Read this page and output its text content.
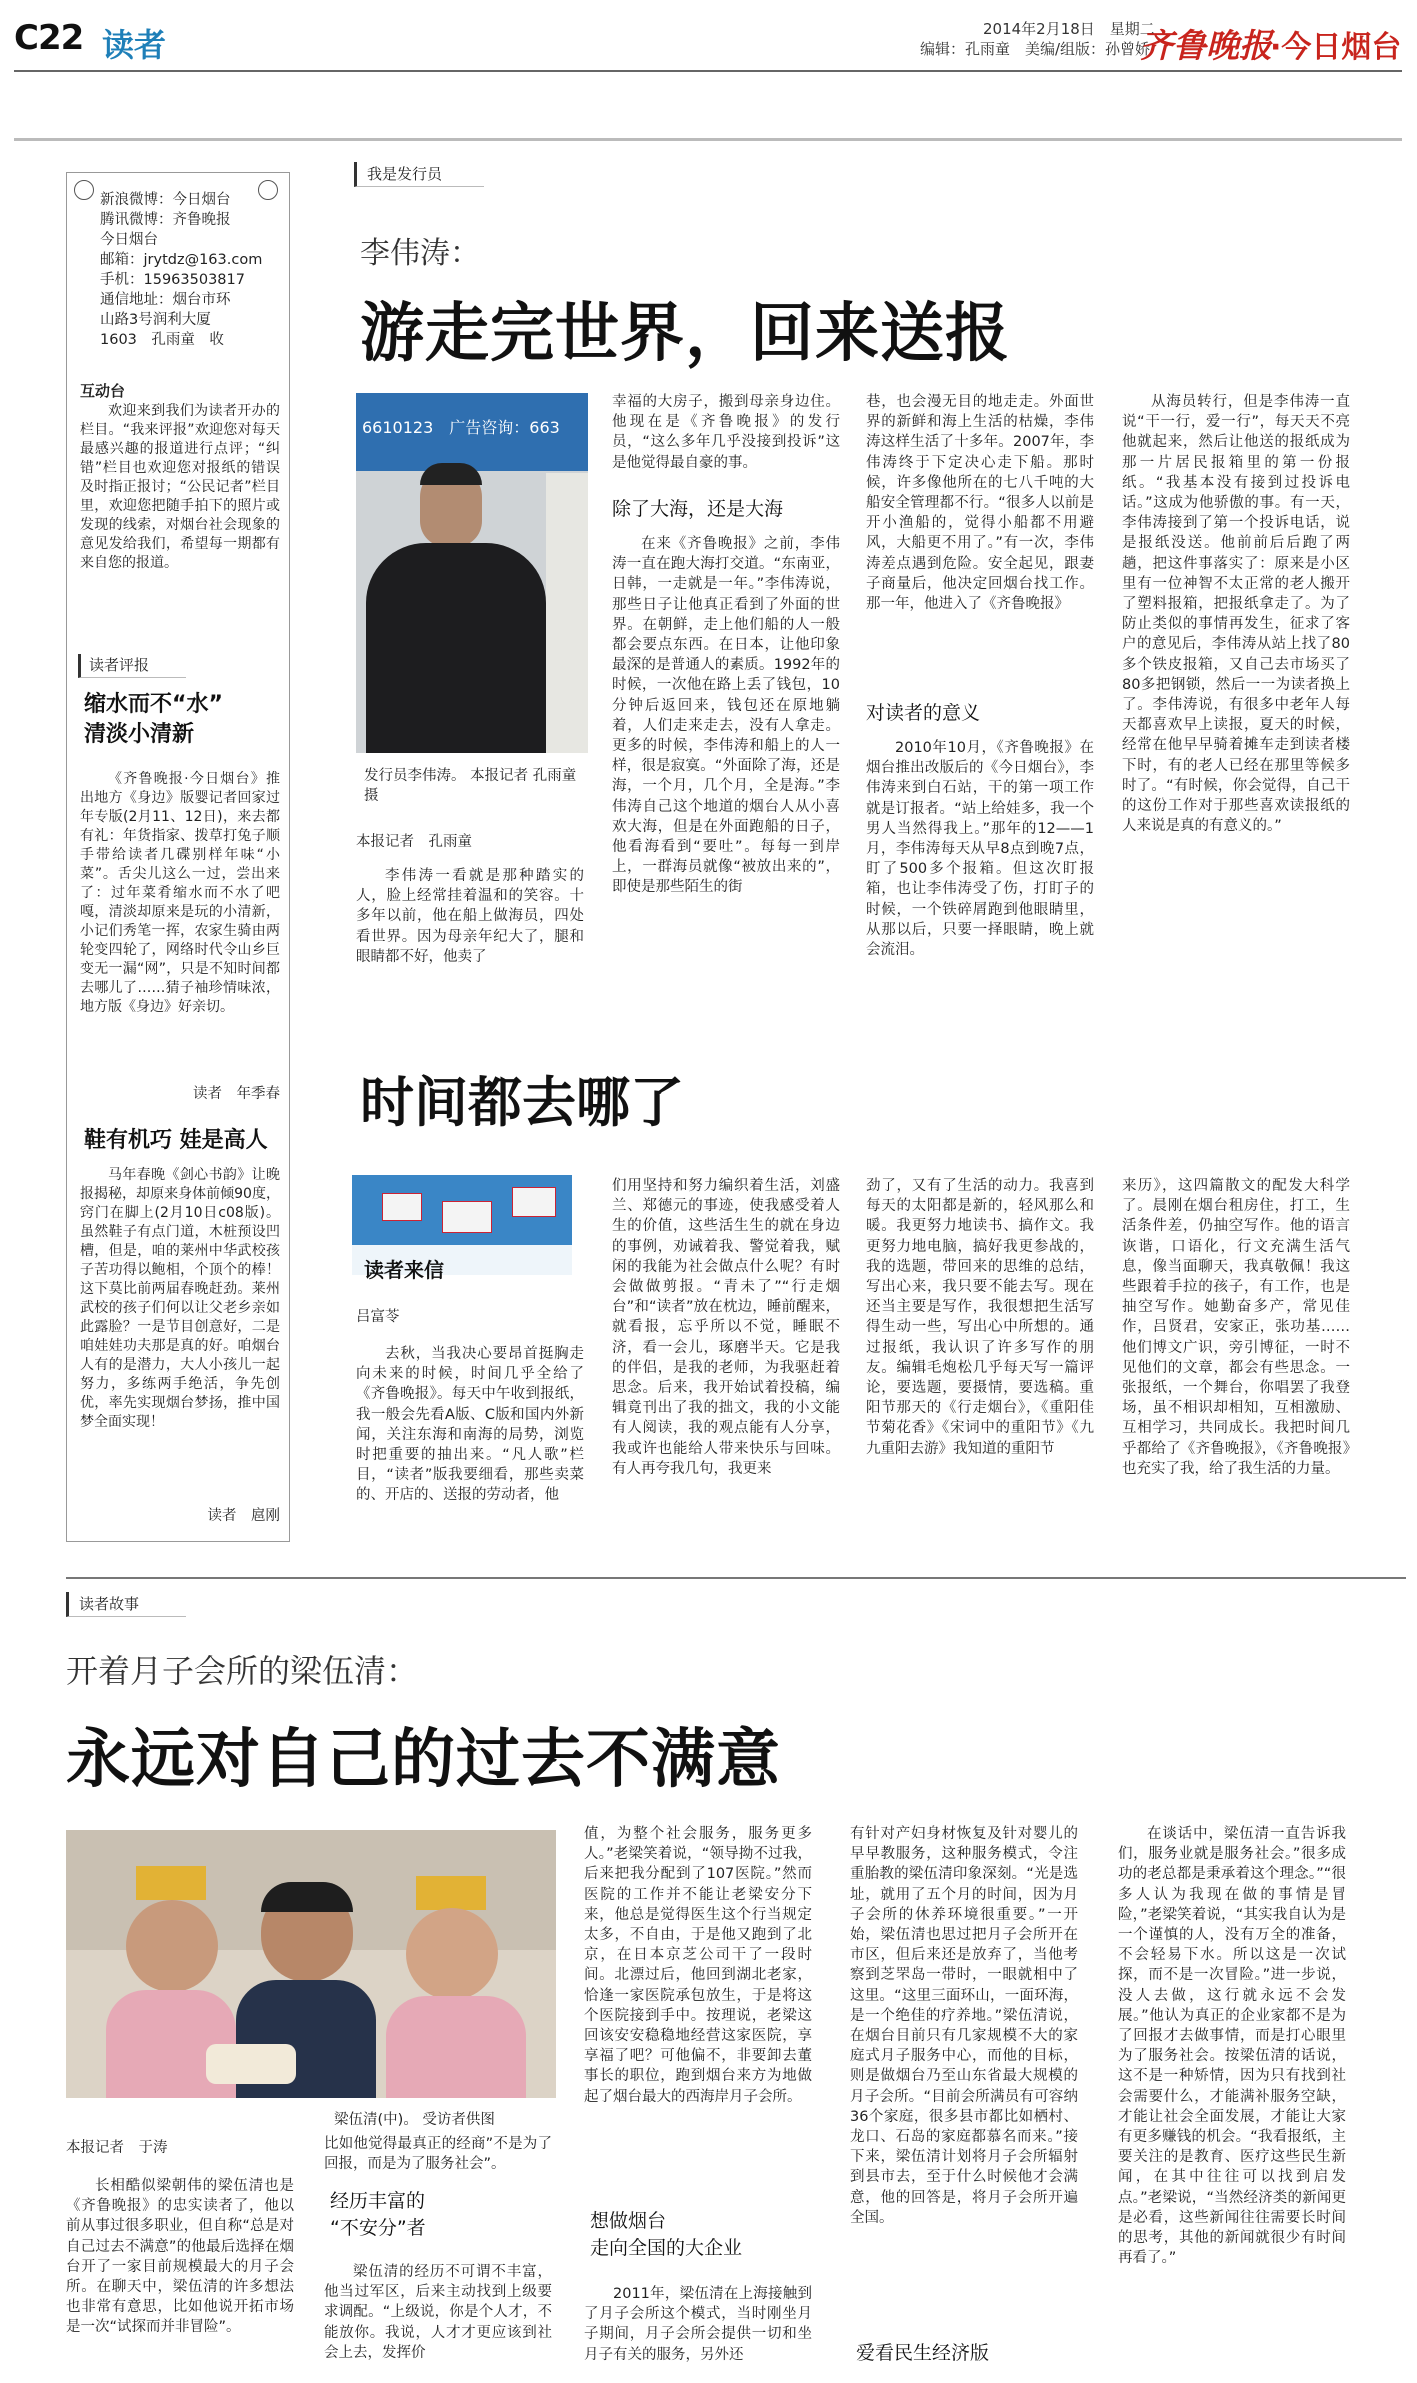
C22 读者	2014年2月18日　星期二
编辑：孔雨童　美编/组版：孙曾娇
齐鲁晚报
·今日烟台
新浪微博：今日烟台
腾讯微博：齐鲁晚报
今日烟台
邮箱：jrytdz@163.com
手机：15963503817
通信地址：烟台市环
山路3号润利大厦
1603　孔雨童　收
互动台
欢迎来到我们为读者开办的栏目。“我来评报”欢迎您对每天最感兴趣的报道进行点评；“纠错”栏目也欢迎您对报纸的错误及时指正报讨；“公民记者”栏目里，欢迎您把随手拍下的照片或发现的线索，对烟台社会现象的意见发给我们，希望每一期都有来自您的报道。
读者评报
缩水而不“水”
清淡小清新
《齐鲁晚报·今日烟台》推出地方《身边》版婴记者回家过年专版(2月11、12日)，来去都有礼：年货指家、拨草打兔子顺手带给读者几碟别样年味“小菜”。舌尖儿这么一过，尝出来了：过年菜肴缩水而不水了吧嘎，清淡却原来是玩的小清新，小记们秀笔一挥，农家生骑由两轮变四轮了，网络时代令山乡巨变无一漏“网”，只是不知时间都去哪儿了……猜子袖珍情味浓，地方版《身边》好亲切。
读者　年季春
鞋有机巧 娃是高人
马年春晚《剑心书韵》让晚报揭秘，却原来身体前倾90度，窍门在脚上(2月10日c08版)。虽然鞋子有点门道，木桩预设凹槽，但是，咱的莱州中华武校孩子苦功得以鲍相，个顶个的棒！这下莫比前两届春晚赶劲。莱州武校的孩子们何以让父老乡亲如此露脸？一是节目创意好，二是咱娃娃功夫那是真的好。咱烟台人有的是潜力，大人小孩儿一起努力，多练两手绝活，争先创优，率先实现烟台梦扬，推中国梦全面实现！
读者　扈刚
我是发行员
李伟涛：
游走完世界，回来送报
6610123　广告咨询：663
发行员李伟涛。 本报记者 孔雨童　摄
本报记者　孔雨童
李伟涛一看就是那种踏实的人，脸上经常挂着温和的笑容。十多年以前，他在船上做海员，四处看世界。因为母亲年纪大了，腿和眼睛都不好，他卖了
幸福的大房子，搬到母亲身边住。他现在是《齐鲁晚报》的发行员，“这么多年几乎没接到投诉”这是他觉得最自豪的事。
除了大海，还是大海
在来《齐鲁晚报》之前，李伟涛一直在跑大海打交道。“东南亚，日韩，一走就是一年。”李伟涛说，那些日子让他真正看到了外面的世界。在朝鲜，走上他们船的人一般都会要点东西。在日本，让他印象最深的是普通人的素质。1992年的时候，一次他在路上丢了钱包，10分钟后返回来，钱包还在原地躺着，人们走来走去，没有人拿走。更多的时候，李伟涛和船上的人一样，很是寂寞。“外面除了海，还是海，一个月，几个月，全是海。”李伟涛自己这个地道的烟台人从小喜欢大海，但是在外面跑船的日子，他看海看到“要吐”。每每一到岸上，一群海员就像“被放出来的”，即使是那些陌生的街
巷，也会漫无目的地走走。外面世界的新鲜和海上生活的枯燥，李伟涛这样生活了十多年。2007年，李伟涛终于下定决心走下船。那时候，许多像他所在的七八千吨的大船安全管理都不行。“很多人以前是开小渔船的，觉得小船都不用避风，大船更不用了。”有一次，李伟涛差点遇到危险。安全起见，跟妻子商量后，他决定回烟台找工作。那一年，他进入了《齐鲁晚报》
对读者的意义
2010年10月，《齐鲁晚报》在烟台推出改版后的《今日烟台》，李伟涛来到白石站，干的第一项工作就是订报者。“站上给娃多，我一个男人当然得我上。”那年的12——1月，李伟涛每天从早8点到晚7点，盯了500多个报箱。但这次盯报箱，也让李伟涛受了伤，打盯子的时候，一个铁碎屑跑到他眼睛里，从那以后，只要一择眼睛，晚上就会流泪。
从海员转行，但是李伟涛一直说“干一行，爱一行”，每天天不亮他就起来，然后让他送的报纸成为那一片居民报箱里的第一份报纸。“我基本没有接到过投诉电话。”这成为他骄傲的事。有一天，李伟涛接到了第一个投诉电话，说是报纸没送。他前前后后跑了两趟，把这件事落实了：原来是小区里有一位神智不太正常的老人搬开了塑料报箱，把报纸拿走了。为了防止类似的事情再发生，征求了客户的意见后，李伟涛从站上找了80多个铁皮报箱，又自己去市场买了80多把钢锁，然后一一为读者换上了。李伟涛说，有很多中老年人每天都喜欢早上读报，夏天的时候，经常在他早早骑着摊车走到读者楼下时，有的老人已经在那里等候多时了。“有时候，你会觉得，自己干的这份工作对于那些喜欢读报纸的人来说是真的有意义的。”
时间都去哪了
读者来信
吕富苓
去秋，当我决心要昂首挺胸走向未来的时候，时间几乎全给了《齐鲁晚报》。每天中午收到报纸，我一般会先看A版、C版和国内外新闻，关注东海和南海的局势，浏览时把重要的抽出来。“凡人歌”栏目，“读者”版我要细看，那些卖菜的、开店的、送报的劳动者，他
们用坚持和努力编织着生活，刘盛兰、郑德元的事迹，使我感受着人生的价值，这些活生生的就在身边的事例，劝诫着我、警觉着我，赋闲的我能为社会做点什么呢？有时会做做剪报。“青未了”“行走烟台”和“读者”放在枕边，睡前醒来，就看报，忘乎所以不觉，睡眠不济，看一会儿，琢磨半天。它是我的伴侣，是我的老师，为我驱赶着思念。后来，我开始试着投稿，编辑竟刊出了我的拙文，我的小文能有人阅读，我的观点能有人分享，我或许也能给人带来快乐与回味。有人再夸我几句，我更来
劲了，又有了生活的动力。我喜到每天的太阳都是新的，轻风那么和暖。我更努力地读书、搞作文。我更努力地电脑，搞好我更参战的，我的选题，带回来的思维的总结，写出心来，我只要不能去写。现在还当主要是写作，我很想把生活写得生动一些，写出心中所想的。通过报纸，我认识了许多写作的朋友。编辑毛炮松几乎每天写一篇评论，要选题，要摄情，要选稿。重阳节那天的《行走烟台》，《重阳佳节菊花香》《宋词中的重阳节》《九九重阳去游》我知道的重阳节
来历》，这四篇散文的配发大科学了。晨刚在烟台租房住，打工，生活条件差，仍抽空写作。他的语言诙谐，口语化，行文充满生活气息，像当面聊天，我真敬佩！我这些跟着手拉的孩子，有工作，也是抽空写作。她勤奋多产，常见佳作，吕贤君，安家正，张功基……他们博文广识，旁引博征，一时不见他们的文章，都会有些思念。一张报纸，一个舞台，你唱罢了我登场，虽不相识却相知，互相激励、互相学习，共同成长。我把时间几乎都给了《齐鲁晚报》，《齐鲁晚报》也充实了我，给了我生活的力量。
读者故事
开着月子会所的梁伍清：
永远对自己的过去不满意
梁伍清(中)。 受访者供图
本报记者　于涛
长相酷似梁朝伟的梁伍清也是《齐鲁晚报》的忠实读者了，他以前从事过很多职业，但自称“总是对自己过去不满意”的他最后选择在烟台开了一家目前规模最大的月子会所。在聊天中，梁伍清的许多想法也非常有意思，比如他说开拓市场是一次“试探而并非冒险”。
比如他觉得最真正的经商”不是为了回报，而是为了服务社会”。
经历丰富的
“不安分”者
梁伍清的经历不可谓不丰富，他当过军区，后来主动找到上级要求调配。“上级说，你是个人才，不能放你。我说，人才才更应该到社会上去，发挥价
值，为整个社会服务，服务更多人。”老梁笑着说，“领导拗不过我，后来把我分配到了107医院。”然而医院的工作并不能让老梁安分下来，他总是觉得医生这个行当规定太多，不自由，于是他又跑到了北京，在日本京芝公司干了一段时间。北漂过后，他回到湖北老家，恰逢一家医院承包放生，于是将这个医院接到手中。按理说，老梁这回该安安稳稳地经营这家医院，享享福了吧？可他偏不，非要卸去董事长的职位，跑到烟台来方为地做起了烟台最大的西海岸月子会所。
想做烟台
走向全国的大企业
2011年，梁伍清在上海接触到了月子会所这个模式，当时刚坐月子期间，月子会所会提供一切和坐月子有关的服务，另外还
有针对产妇身材恢复及针对婴儿的早早教服务，这种服务模式，令注重胎教的梁伍清印象深刻。“光是选址，就用了五个月的时间，因为月子会所的休养环境很重要。”一开始，梁伍清也思过把月子会所开在市区，但后来还是放弃了，当他考察到芝罘岛一带时，一眼就相中了这里。“这里三面环山，一面环海，是一个绝佳的疗养地。”梁伍清说，在烟台目前只有几家规模不大的家庭式月子服务中心，而他的目标，则是做烟台乃至山东省最大规模的月子会所。“目前会所满员有可容纳36个家庭，很多县市都比如栖村、龙口、石岛的家庭都慕名而来。”接下来，梁伍清计划将月子会所辐射到县市去，至于什么时候他才会满意，他的回答是，将月子会所开遍全国。
爱看民生经济版
在谈话中，梁伍清一直告诉我们，服务业就是服务社会。”很多成功的老总都是秉承着这个理念。”“很多人认为我现在做的事情是冒险，”老梁笑着说，“其实我自认为是一个谨慎的人，没有万全的准备，不会轻易下水。所以这是一次试探，而不是一次冒险。”进一步说，没人去做，这行就永远不会发展。”他认为真正的企业家都不是为了回报才去做事情，而是打心眼里为了服务社会。按梁伍清的话说，这不是一种矫情，因为只有找到社会需要什么，才能满补服务空缺，才能让社会全面发展，才能让大家有更多赚钱的机会。“我看报纸，主要关注的是教育、医疗这些民生新闻，在其中往往可以找到启发点。”老梁说，“当然经济类的新闻更是必看，这些新闻往往需要长时间的思考，其他的新闻就很少有时间再看了。”
